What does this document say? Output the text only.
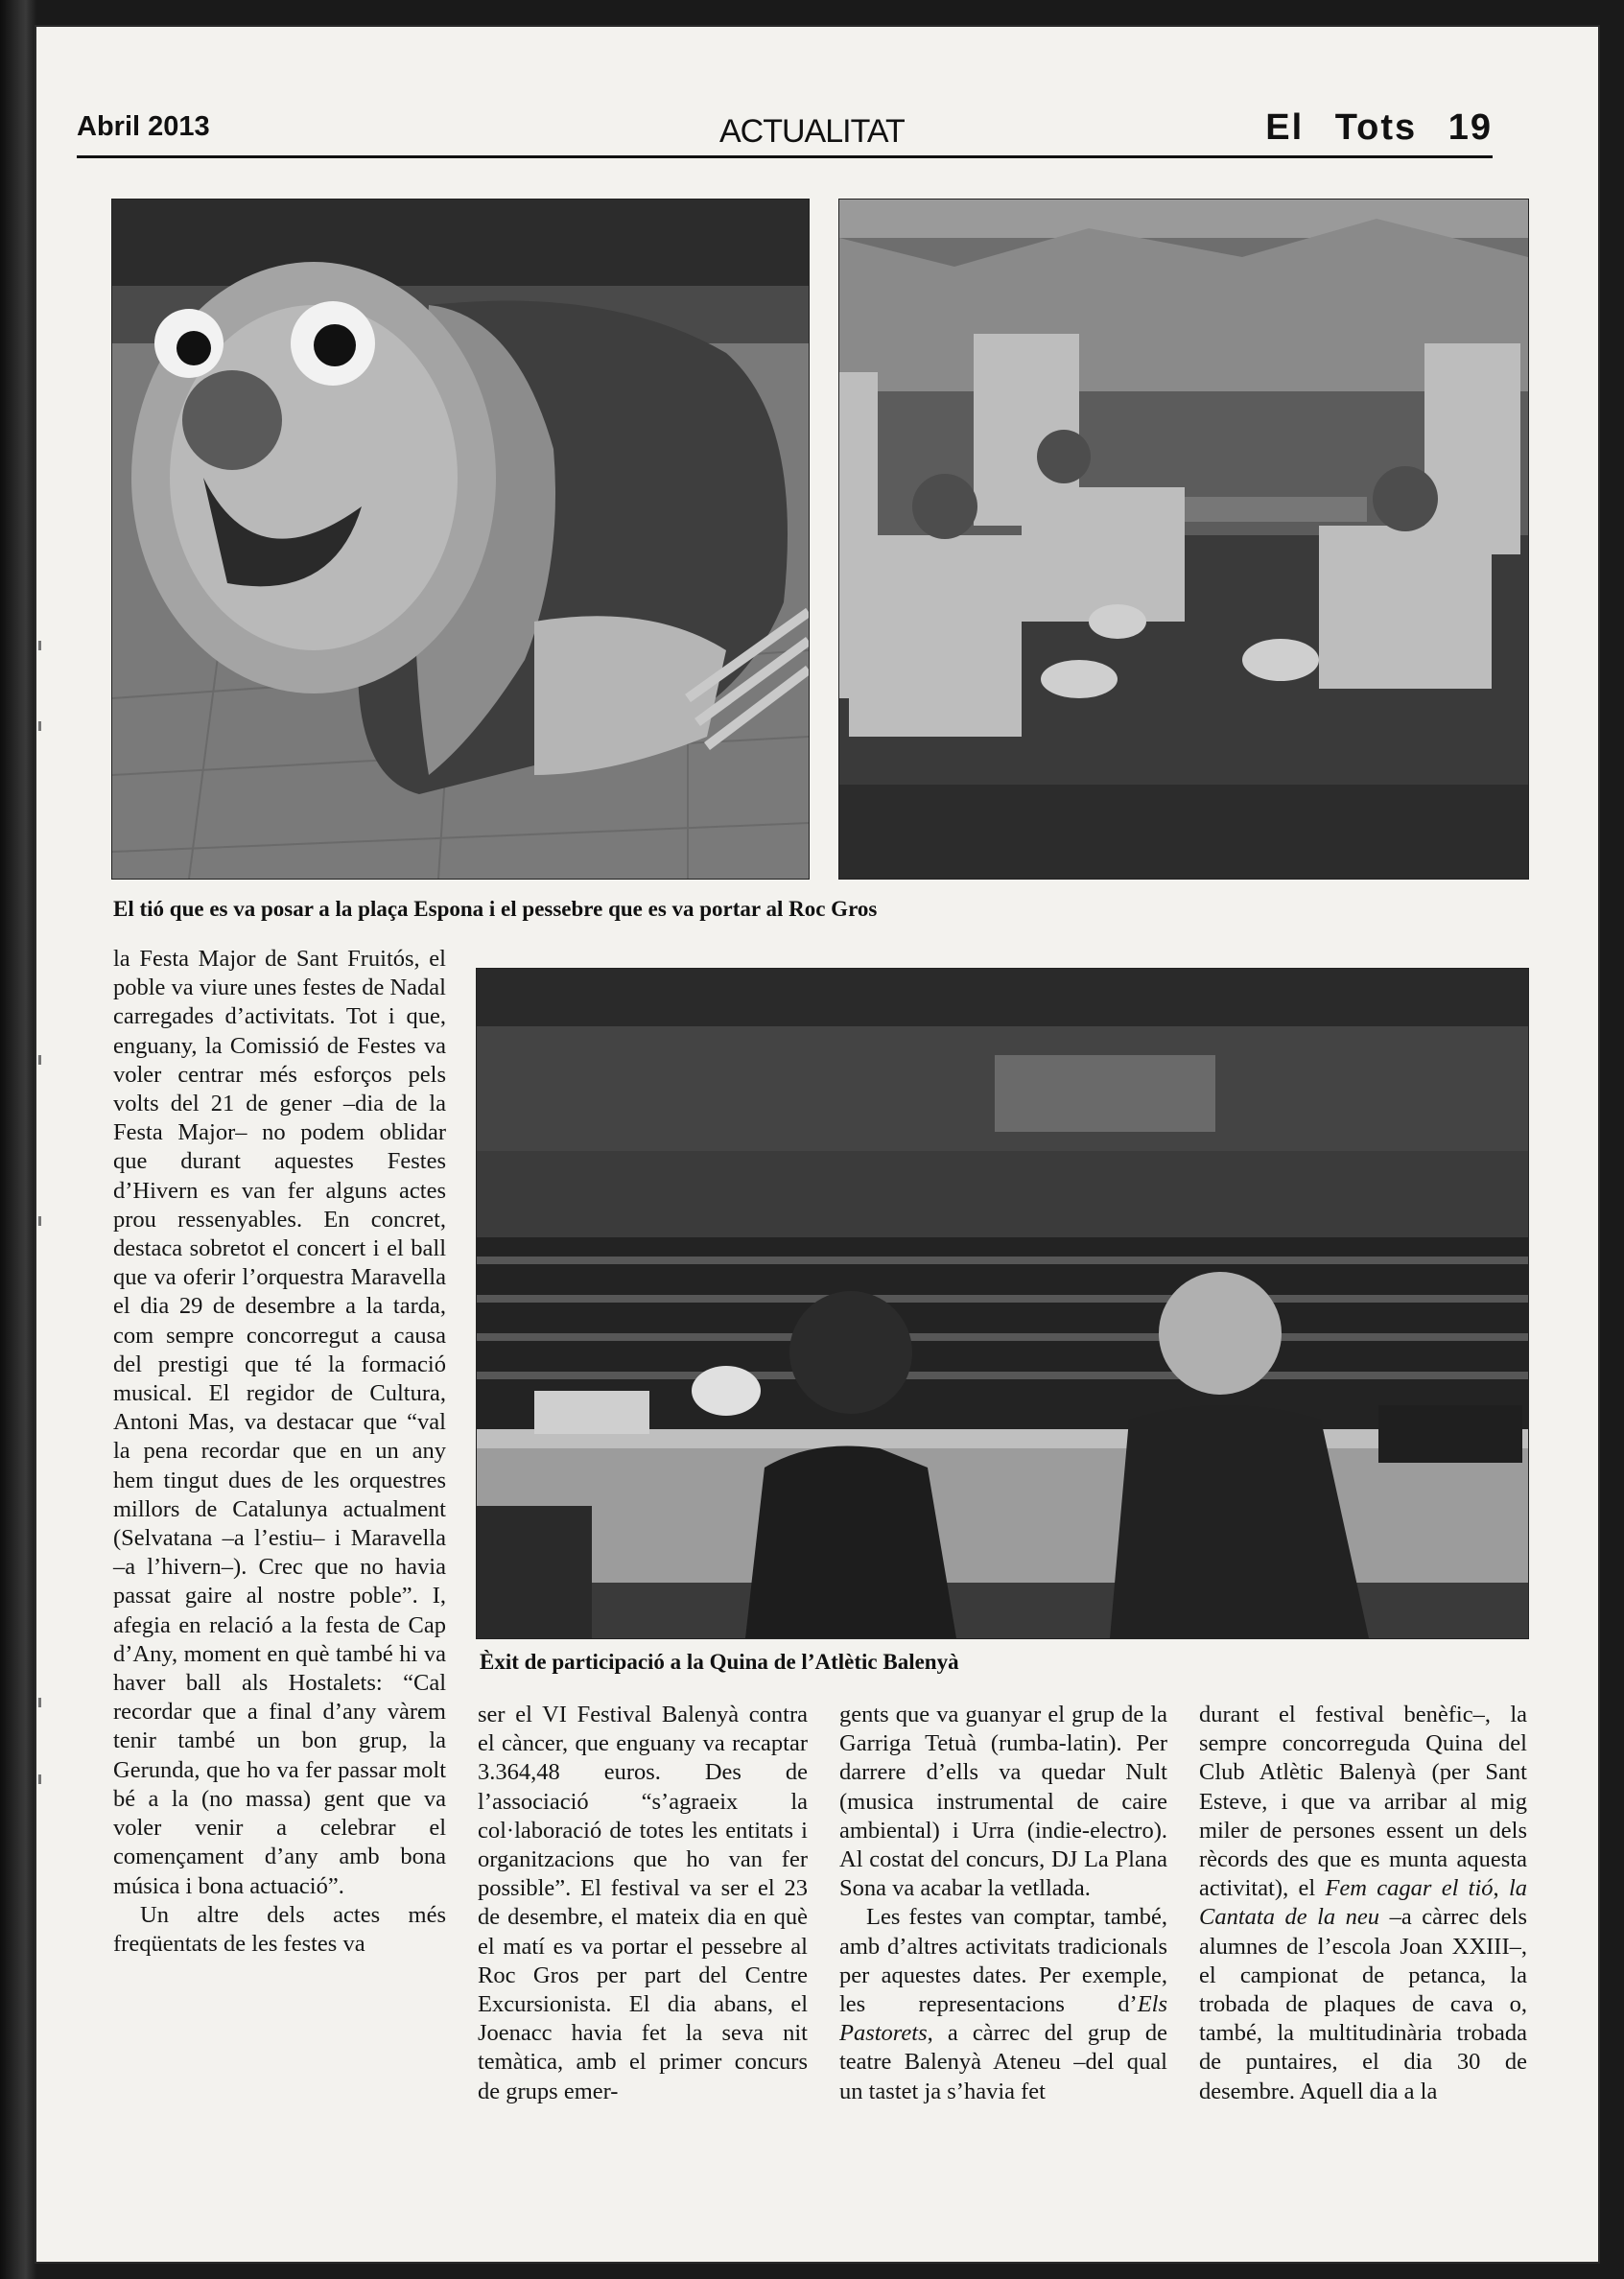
Abril 2013	ACTUALITAT	El Tots 19
El tió que es va posar a la plaça Espona i el pessebre que es va portar al Roc Gros
Èxit de participació a la Quina de l’Atlètic Balenyà

la Festa Major de Sant Fruitós, el poble va viure unes festes de Nadal carregades d’activitats. Tot i que, enguany, la Comissió de Festes va voler centrar més esforços pels volts del 21 de gener –dia de la Festa Major– no podem oblidar que durant aquestes Festes d’Hivern es van fer alguns actes prou ressenyables. En concret, destaca sobretot el concert i el ball que va oferir l’orquestra Maravella el dia 29 de desembre a la tarda, com sempre concorregut a causa del prestigi que té la formació musical. El regidor de Cultura, Antoni Mas, va destacar que “val la pena recordar que en un any hem tingut dues de les orquestres millors de Catalunya actualment (Selvatana –a l’estiu– i Maravella –a l’hivern–). Crec que no havia passat gaire al nostre poble”. I, afegia en relació a la festa de Cap d’Any, moment en què també hi va haver ball als Hostalets: “Cal recordar que a final d’any vàrem tenir també un bon grup, la Gerunda, que ho va fer passar molt bé a la (no massa) gent que va voler venir a celebrar el començament d’any amb bona música i bona actuació”.

Un altre dels actes més freqüentats de les festes va

ser el VI Festival Balenyà contra el càncer, que enguany va recaptar 3.364,48 euros. Des de l’associació “s’agraeix la col·laboració de totes les entitats i organitzacions que ho van fer possible”. El festival va ser el 23 de desembre, el mateix dia en què el matí es va portar el pessebre al Roc Gros per part del Centre Excursionista. El dia abans, el Joenacc havia fet la seva nit temàtica, amb el primer concurs de grups emer-

gents que va guanyar el grup de la Garriga Tetuà (rumba-latin). Per darrere d’ells va quedar Nult (musica instrumental de caire ambiental) i Urra (indie-electro). Al costat del concurs, DJ La Plana Sona va acabar la vetllada.

Les festes van comptar, també, amb d’altres activitats tradicionals per aquestes dates. Per exemple, les representacions d’Els Pastorets, a càrrec del grup de teatre Balenyà Ateneu –del qual un tastet ja s’havia fet

durant el festival benèfic–, la sempre concorreguda Quina del Club Atlètic Balenyà (per Sant Esteve, i que va arribar al mig miler de persones essent un dels rècords des que es munta aquesta activitat), el Fem cagar el tió, la Cantata de la neu –a càrrec dels alumnes de l’escola Joan XXIII–, el campionat de petanca, la trobada de plaques de cava o, també, la multitudinària trobada de puntaires, el dia 30 de desembre. Aquell dia a la
